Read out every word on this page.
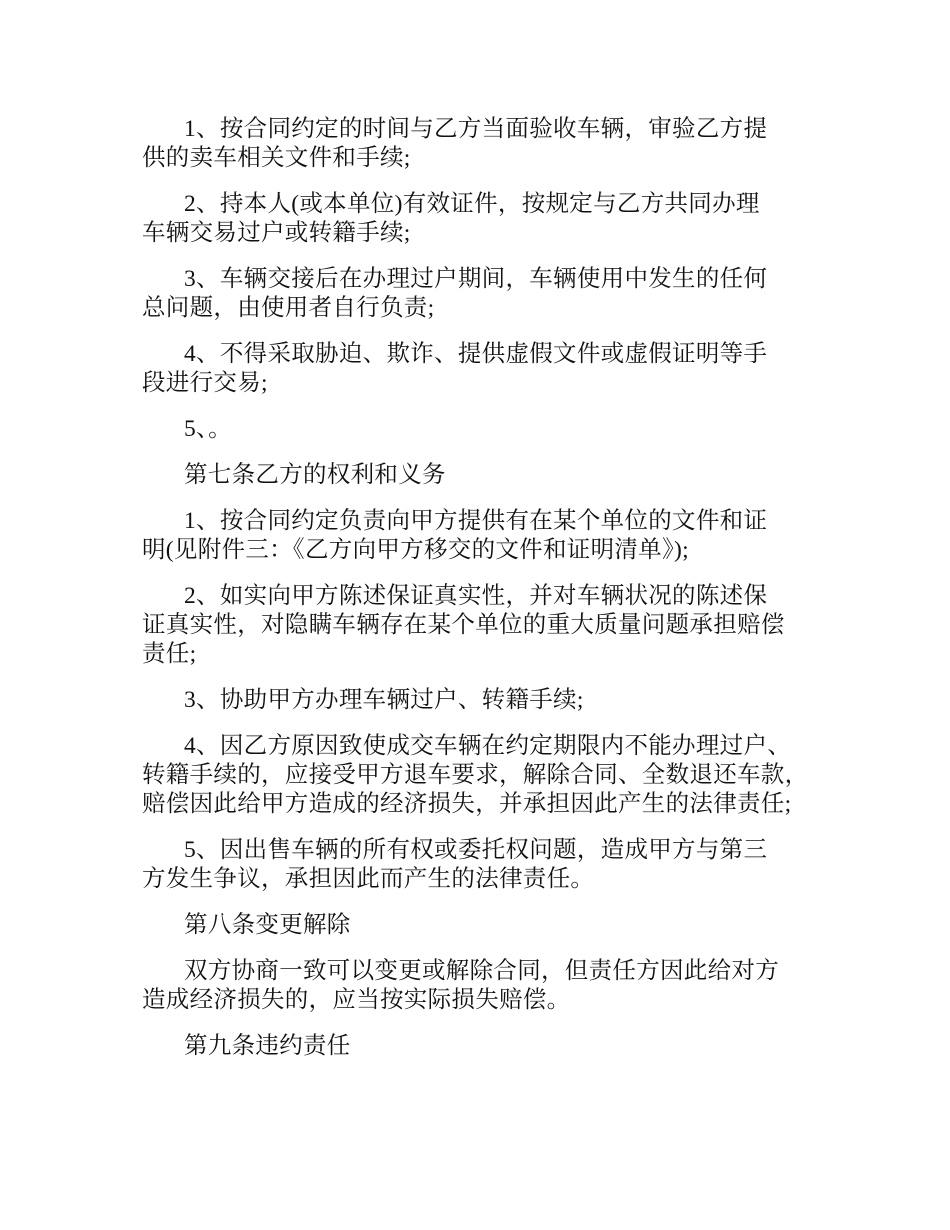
1、按合同约定的时间与乙方当面验收车辆，审验乙方提
供的卖车相关文件和手续;
2、持本人(或本单位)有效证件，按规定与乙方共同办理
车辆交易过户或转籍手续;
3、车辆交接后在办理过户期间，车辆使用中发生的任何
总问题，由使用者自行负责;
4、不得采取胁迫、欺诈、提供虚假文件或虚假证明等手
段进行交易;
5、。
第七条乙方的权利和义务
1、按合同约定负责向甲方提供有在某个单位的文件和证
明(见附件三：《乙方向甲方移交的文件和证明清单》);
2、如实向甲方陈述保证真实性，并对车辆状况的陈述保
证真实性，对隐瞒车辆存在某个单位的重大质量问题承担赔偿
责任;
3、协助甲方办理车辆过户、转籍手续;
4、因乙方原因致使成交车辆在约定期限内不能办理过户、
转籍手续的，应接受甲方退车要求，解除合同、全数退还车款，
赔偿因此给甲方造成的经济损失，并承担因此产生的法律责任;
5、因出售车辆的所有权或委托权问题，造成甲方与第三
方发生争议，承担因此而产生的法律责任。
第八条变更解除
双方协商一致可以变更或解除合同，但责任方因此给对方
造成经济损失的，应当按实际损失赔偿。
第九条违约责任
